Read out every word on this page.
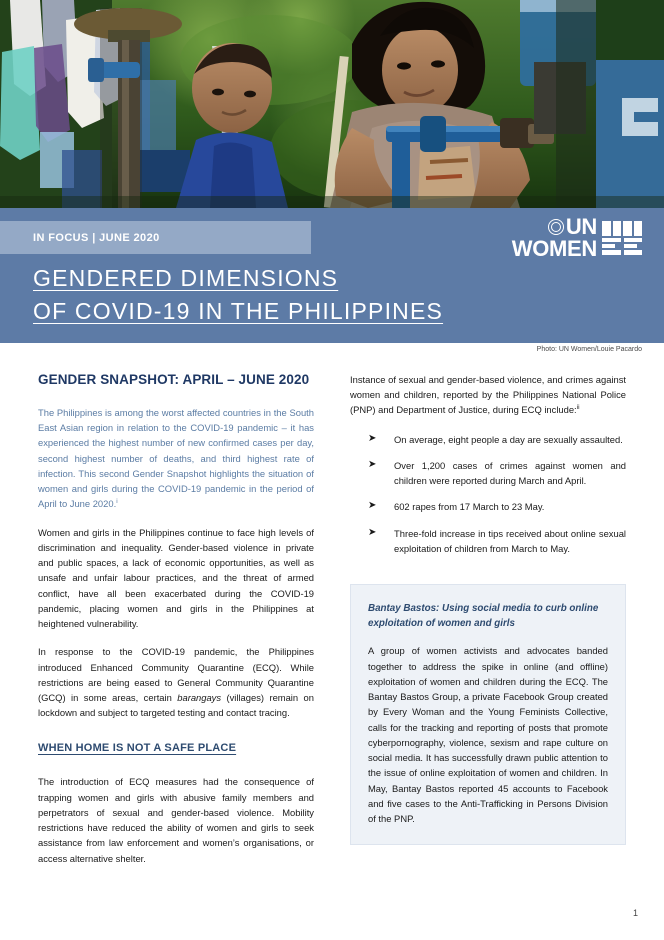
IN FOCUS | JUNE 2020	UN
WOMEN
GENDERED DIMENSIONS
OF COVID-19 IN THE PHILIPPINES
Photo: UN Women/Louie Pacardo
GENDER SNAPSHOT: APRIL – JUNE 2020

The Philippines is among the worst affected countries in the South East Asian region in relation to the COVID-19 pandemic – it has experienced the highest number of new confirmed cases per day, second highest number of deaths, and third highest rate of infection. This second Gender Snapshot highlights the situation of women and girls during the COVID-19 pandemic in the period of April to June 2020.$^i$

Women and girls in the Philippines continue to face high levels of discrimination and inequality. Gender-based violence in private and public spaces, a lack of economic opportunities, as well as unsafe and unfair labour practices, and the threat of armed conflict, have all been exacerbated during the COVID-19 pandemic, placing women and girls in the Philippines at heightened vulnerability.

In response to the COVID-19 pandemic, the Philippines introduced Enhanced Community Quarantine (ECQ). While restrictions are being eased to General Community Quarantine (GCQ) in some areas, certain barangays (villages) remain on lockdown and subject to targeted testing and contact tracing.

WHEN HOME IS NOT A SAFE PLACE

The introduction of ECQ measures had the consequence of trapping women and girls with abusive family members and perpetrators of sexual and gender-based violence. Mobility restrictions have reduced the ability of women and girls to seek assistance from law enforcement and women’s organisations, or access alternative shelter.

Instance of sexual and gender-based violence, and crimes against women and children, reported by the Philippines National Police (PNP) and Department of Justice, during ECQ include:$^{ii}$

➤ On average, eight people a day are sexually assaulted.
➤ Over 1,200 cases of crimes against women and children were reported during March and April.
➤ 602 rapes from 17 March to 23 May.
➤ Three-fold increase in tips received about online sexual exploitation of children from March to May.
Bantay Bastos: Using social media to curb online exploitation of women and girls

A group of women activists and advocates banded together to address the spike in online (and offline) exploitation of women and children during the ECQ. The Bantay Bastos Group, a private Facebook Group created by Every Woman and the Young Feminists Collective, calls for the tracking and reporting of posts that promote cyberpornography, violence, sexism and rape culture on social media. It has successfully drawn public attention to the issue of online exploitation of women and children. In May, Bantay Bastos reported 45 accounts to Facebook and five cases to the Anti-Trafficking in Persons Division of the PNP.

1
